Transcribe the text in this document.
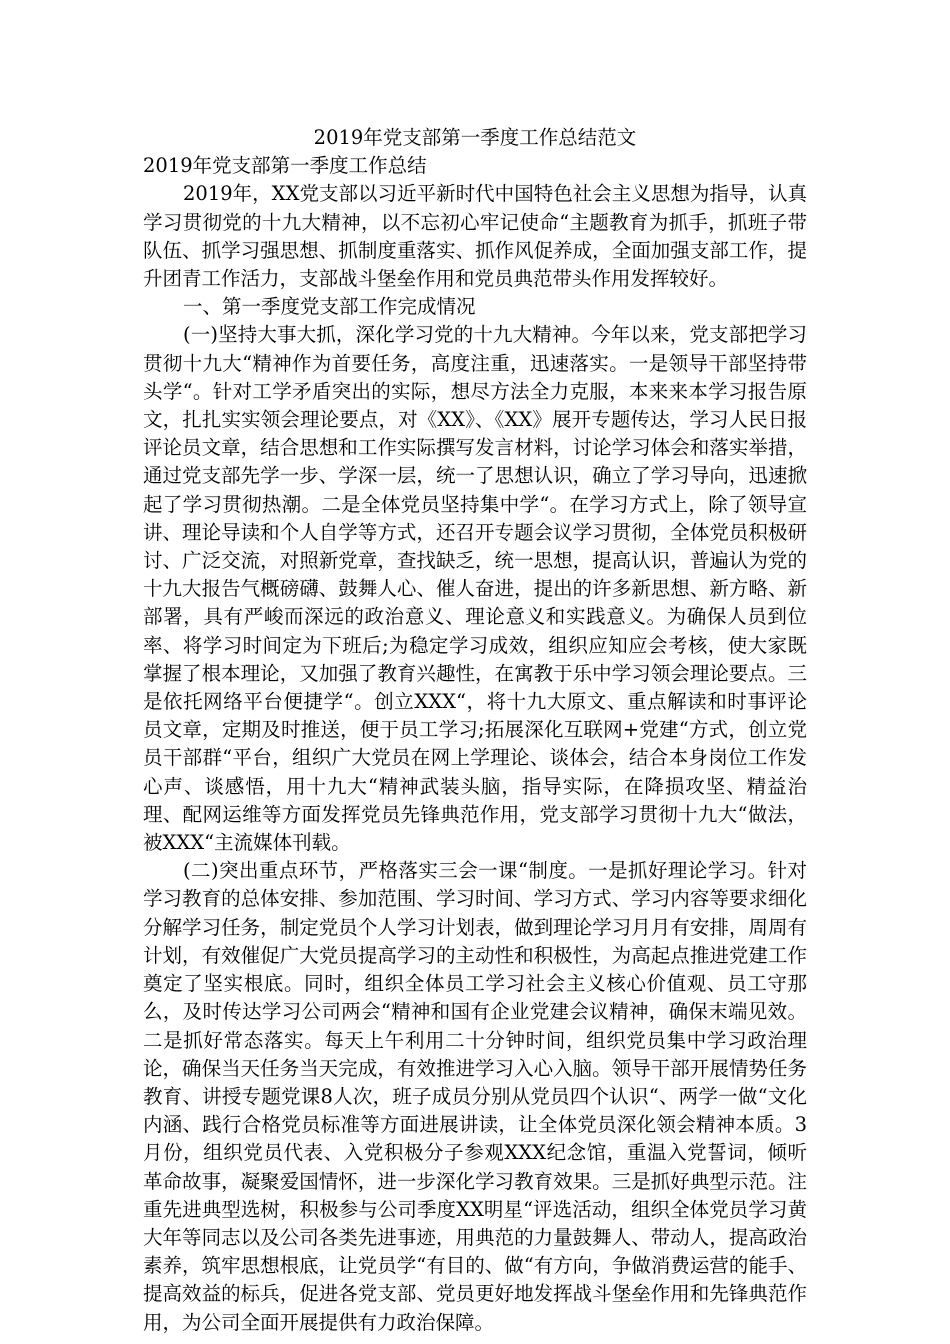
2019年党支部第一季度工作总结范文

2019年党支部第一季度工作总结

2019年，XX党支部以习近平新时代中国特色社会主义思想为指导，认真学习贯彻党的十九大精神，以不忘初心牢记使命“主题教育为抓手，抓班子带队伍、抓学习强思想、抓制度重落实、抓作风促养成，全面加强支部工作，提升团青工作活力，支部战斗堡垒作用和党员典范带头作用发挥较好。

一、第一季度党支部工作完成情况

(一)坚持大事大抓，深化学习党的十九大精神。今年以来，党支部把学习贯彻十九大“精神作为首要任务，高度注重，迅速落实。一是领导干部坚持带头学“。针对工学矛盾突出的实际，想尽方法全力克服，本来来本学习报告原文，扎扎实实领会理论要点，对《XX》、《XX》展开专题传达，学习人民日报评论员文章，结合思想和工作实际撰写发言材料，讨论学习体会和落实举措，通过党支部先学一步、学深一层，统一了思想认识，确立了学习导向，迅速掀起了学习贯彻热潮。二是全体党员坚持集中学“。在学习方式上，除了领导宣讲、理论导读和个人自学等方式，还召开专题会议学习贯彻，全体党员积极研讨、广泛交流，对照新党章，查找缺乏，统一思想，提高认识，普遍认为党的十九大报告气概磅礴、鼓舞人心、催人奋进，提出的许多新思想、新方略、新部署，具有严峻而深远的政治意义、理论意义和实践意义。为确保人员到位率、将学习时间定为下班后;为稳定学习成效，组织应知应会考核，使大家既掌握了根本理论，又加强了教育兴趣性，在寓教于乐中学习领会理论要点。三是依托网络平台便捷学“。创立XXX“，将十九大原文、重点解读和时事评论员文章，定期及时推送，便于员工学习;拓展深化互联网+党建“方式，创立党员干部群“平台，组织广大党员在网上学理论、谈体会，结合本身岗位工作发心声、谈感悟，用十九大“精神武装头脑，指导实际，在降损攻坚、精益治理、配网运维等方面发挥党员先锋典范作用，党支部学习贯彻十九大“做法，被XXX“主流媒体刊载。

(二)突出重点环节，严格落实三会一课“制度。一是抓好理论学习。针对学习教育的总体安排、参加范围、学习时间、学习方式、学习内容等要求细化分解学习任务，制定党员个人学习计划表，做到理论学习月月有安排，周周有计划，有效催促广大党员提高学习的主动性和积极性，为高起点推进党建工作奠定了坚实根底。同时，组织全体员工学习社会主义核心价值观、员工守那么，及时传达学习公司两会“精神和国有企业党建会议精神，确保末端见效。二是抓好常态落实。每天上午利用二十分钟时间，组织党员集中学习政治理论，确保当天任务当天完成，有效推进学习入心入脑。领导干部开展情势任务教育、讲授专题党课8人次，班子成员分别从党员四个认识“、两学一做“文化内涵、践行合格党员标准等方面进展讲读，让全体党员深化领会精神本质。3月份，组织党员代表、入党积极分子参观XXX纪念馆，重温入党誓词，倾听革命故事，凝聚爱国情怀，进一步深化学习教育效果。三是抓好典型示范。注重先进典型选树，积极参与公司季度XX明星“评选活动，组织全体党员学习黄大年等同志以及公司各类先进事迹，用典范的力量鼓舞人、带动人，提高政治素养，筑牢思想根底，让党员学“有目的、做“有方向，争做消费运营的能手、提高效益的标兵，促进各党支部、党员更好地发挥战斗堡垒作用和先锋典范作用，为公司全面开展提供有力政治保障。
